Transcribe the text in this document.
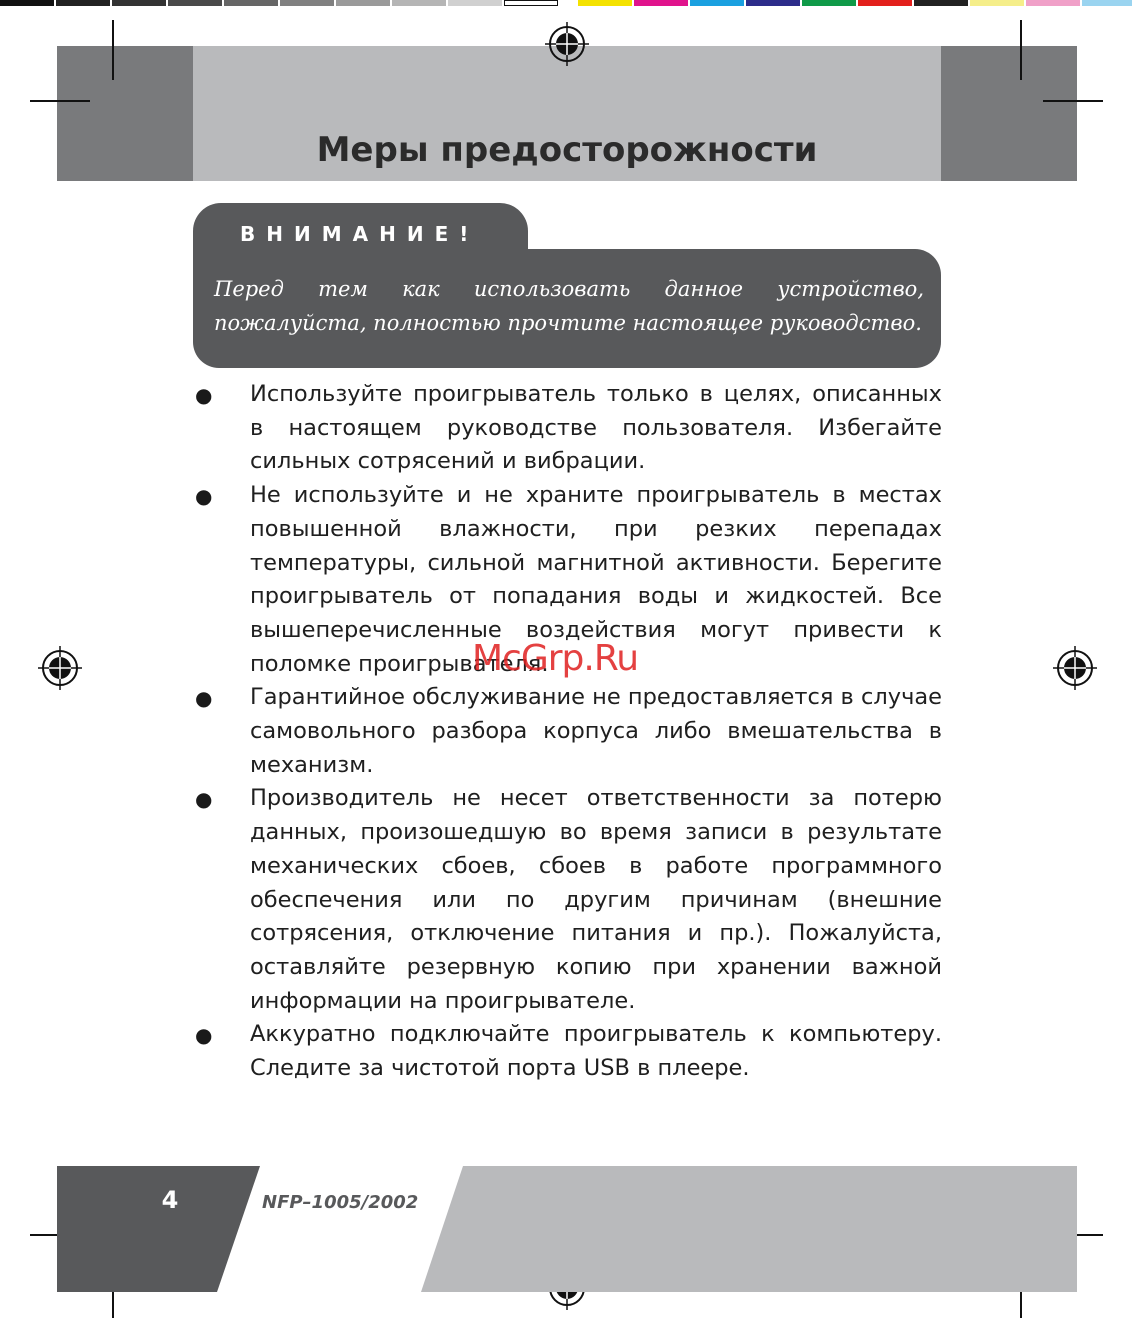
Меры предосторожности
ВНИМАНИЕ!
Перед тем как использовать данное устройство, пожалуйста, полностью прочтите настоящее руководство.
●	Используйте проигрыватель только в целях, описанных в настоящем руководстве пользователя. Избегайте сильных сотрясений и вибрации.
●	Не используйте и не храните проигрыватель в местах повышенной влажности, при резких перепадах температуры, сильной магнитной активности. Берегите проигрыватель от попадания воды и жидкостей. Все вышеперечисленные воздействия могут привести к поломке проигрывателя.
●	Гарантийное обслуживание не предоставляется в случае самовольного разбора корпуса либо вмешательства в механизм.
●	Производитель не несет ответственности за потерю данных, произошедшую во время записи в результате механических сбоев, сбоев в работе программного обеспечения или по другим причинам (внешние сотрясения, отключение питания и пр.). Пожалуйста, оставляйте резервную копию при хранении важной информации на проигрывателе.
●	Аккуратно подключайте проигрыватель к компьютеру. Следите за чистотой порта USB в плеере.
McGrp.Ru
4	NFP–1005/2002
